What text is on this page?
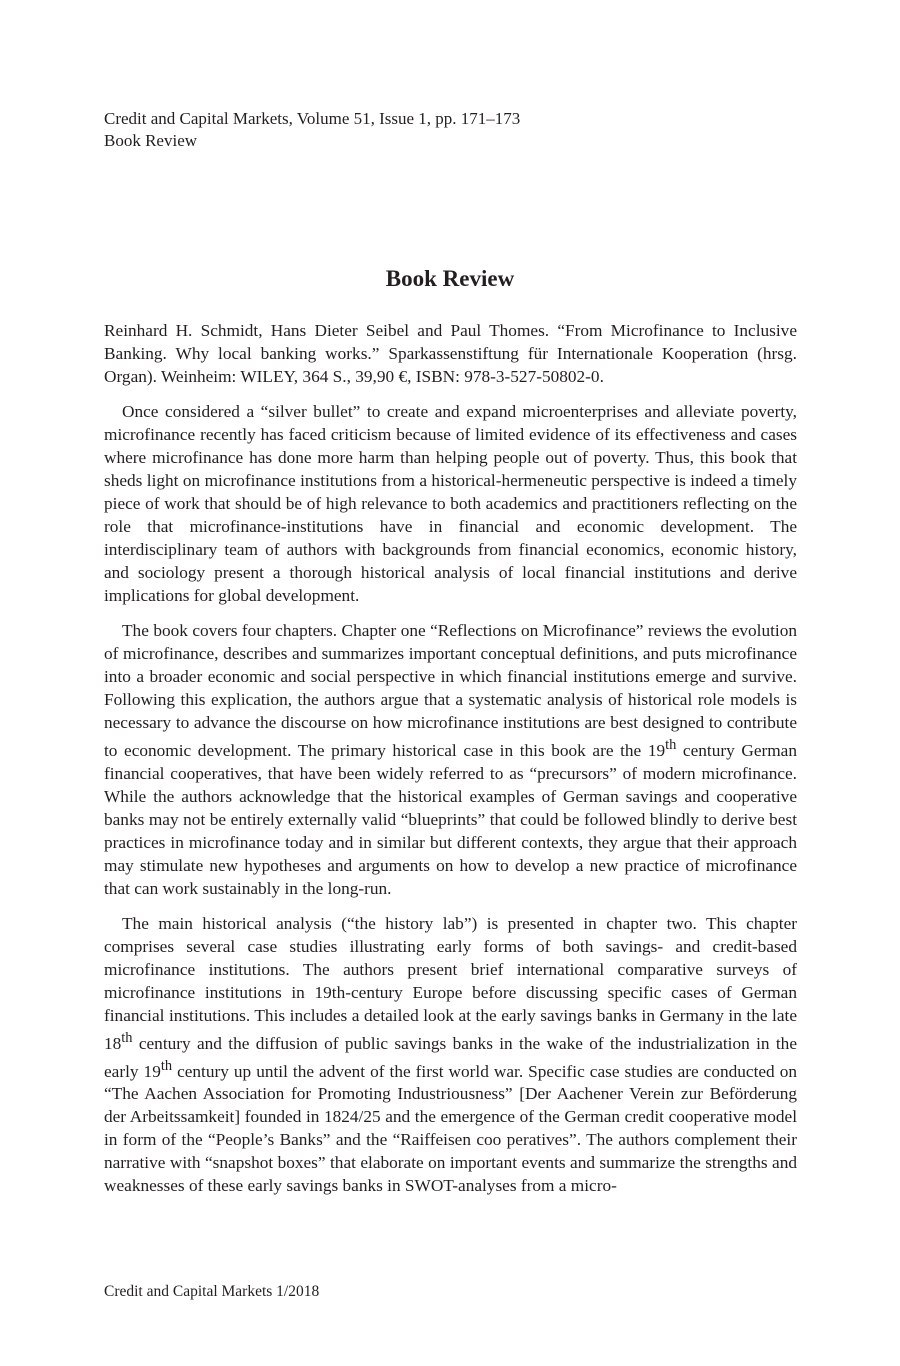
Credit and Capital Markets, Volume 51, Issue 1, pp. 171–173
Book Review
Book Review

Reinhard H. Schmidt, Hans Dieter Seibel and Paul Thomes. “From Microfinance to Inclusive Banking. Why local banking works.” Sparkassenstiftung für Internationale Kooperation (hrsg. Organ). Weinheim: WILEY, 364 S., 39,90 €, ISBN: 978-3-527-50802-0.

Once considered a “silver bullet” to create and expand microenterprises and alleviate poverty, microfinance recently has faced criticism because of limited evidence of its effectiveness and cases where microfinance has done more harm than helping people out of poverty. Thus, this book that sheds light on microfinance institutions from a historical-hermeneutic perspective is indeed a timely piece of work that should be of high relevance to both academics and practitioners reflecting on the role that microfinance-institutions have in financial and economic development. The interdisciplinary team of authors with backgrounds from financial economics, economic history, and sociology present a thorough historical analysis of local financial institutions and derive implications for global development.

The book covers four chapters. Chapter one “Reflections on Microfinance” reviews the evolution of microfinance, describes and summarizes important conceptual definitions, and puts microfinance into a broader economic and social perspective in which financial institutions emerge and survive. Following this explication, the authors argue that a systematic analysis of historical role models is necessary to advance the discourse on how microfinance institutions are best designed to contribute to economic development. The primary historical case in this book are the 19th century German financial cooperatives, that have been widely referred to as “precursors” of modern microfinance. While the authors acknowledge that the historical examples of German savings and cooperative banks may not be entirely externally valid “blueprints” that could be followed blindly to derive best practices in microfinance today and in similar but different contexts, they argue that their approach may stimulate new hypotheses and arguments on how to develop a new practice of microfinance that can work sustainably in the long-run.

The main historical analysis (“the history lab”) is presented in chapter two. This chapter comprises several case studies illustrating early forms of both savings- and credit-based microfinance institutions. The authors present brief international comparative surveys of microfinance institutions in 19th-century Europe before discussing specific cases of German financial institutions. This includes a detailed look at the early savings banks in Germany in the late 18th century and the diffusion of public savings banks in the wake of the industrialization in the early 19th century up until the advent of the first world war. Specific case studies are conducted on “The Aachen Association for Promoting Industriousness” [Der Aachener Verein zur Beförderung der Arbeitssamkeit] founded in 1824/25 and the emergence of the German credit cooperative model in form of the “People’s Banks” and the “Raiffeisen coo peratives”. The authors complement their narrative with “snapshot boxes” that elaborate on important events and summarize the strengths and weaknesses of these early savings banks in SWOT-analyses from a micro-

Credit and Capital Markets 1/2018
